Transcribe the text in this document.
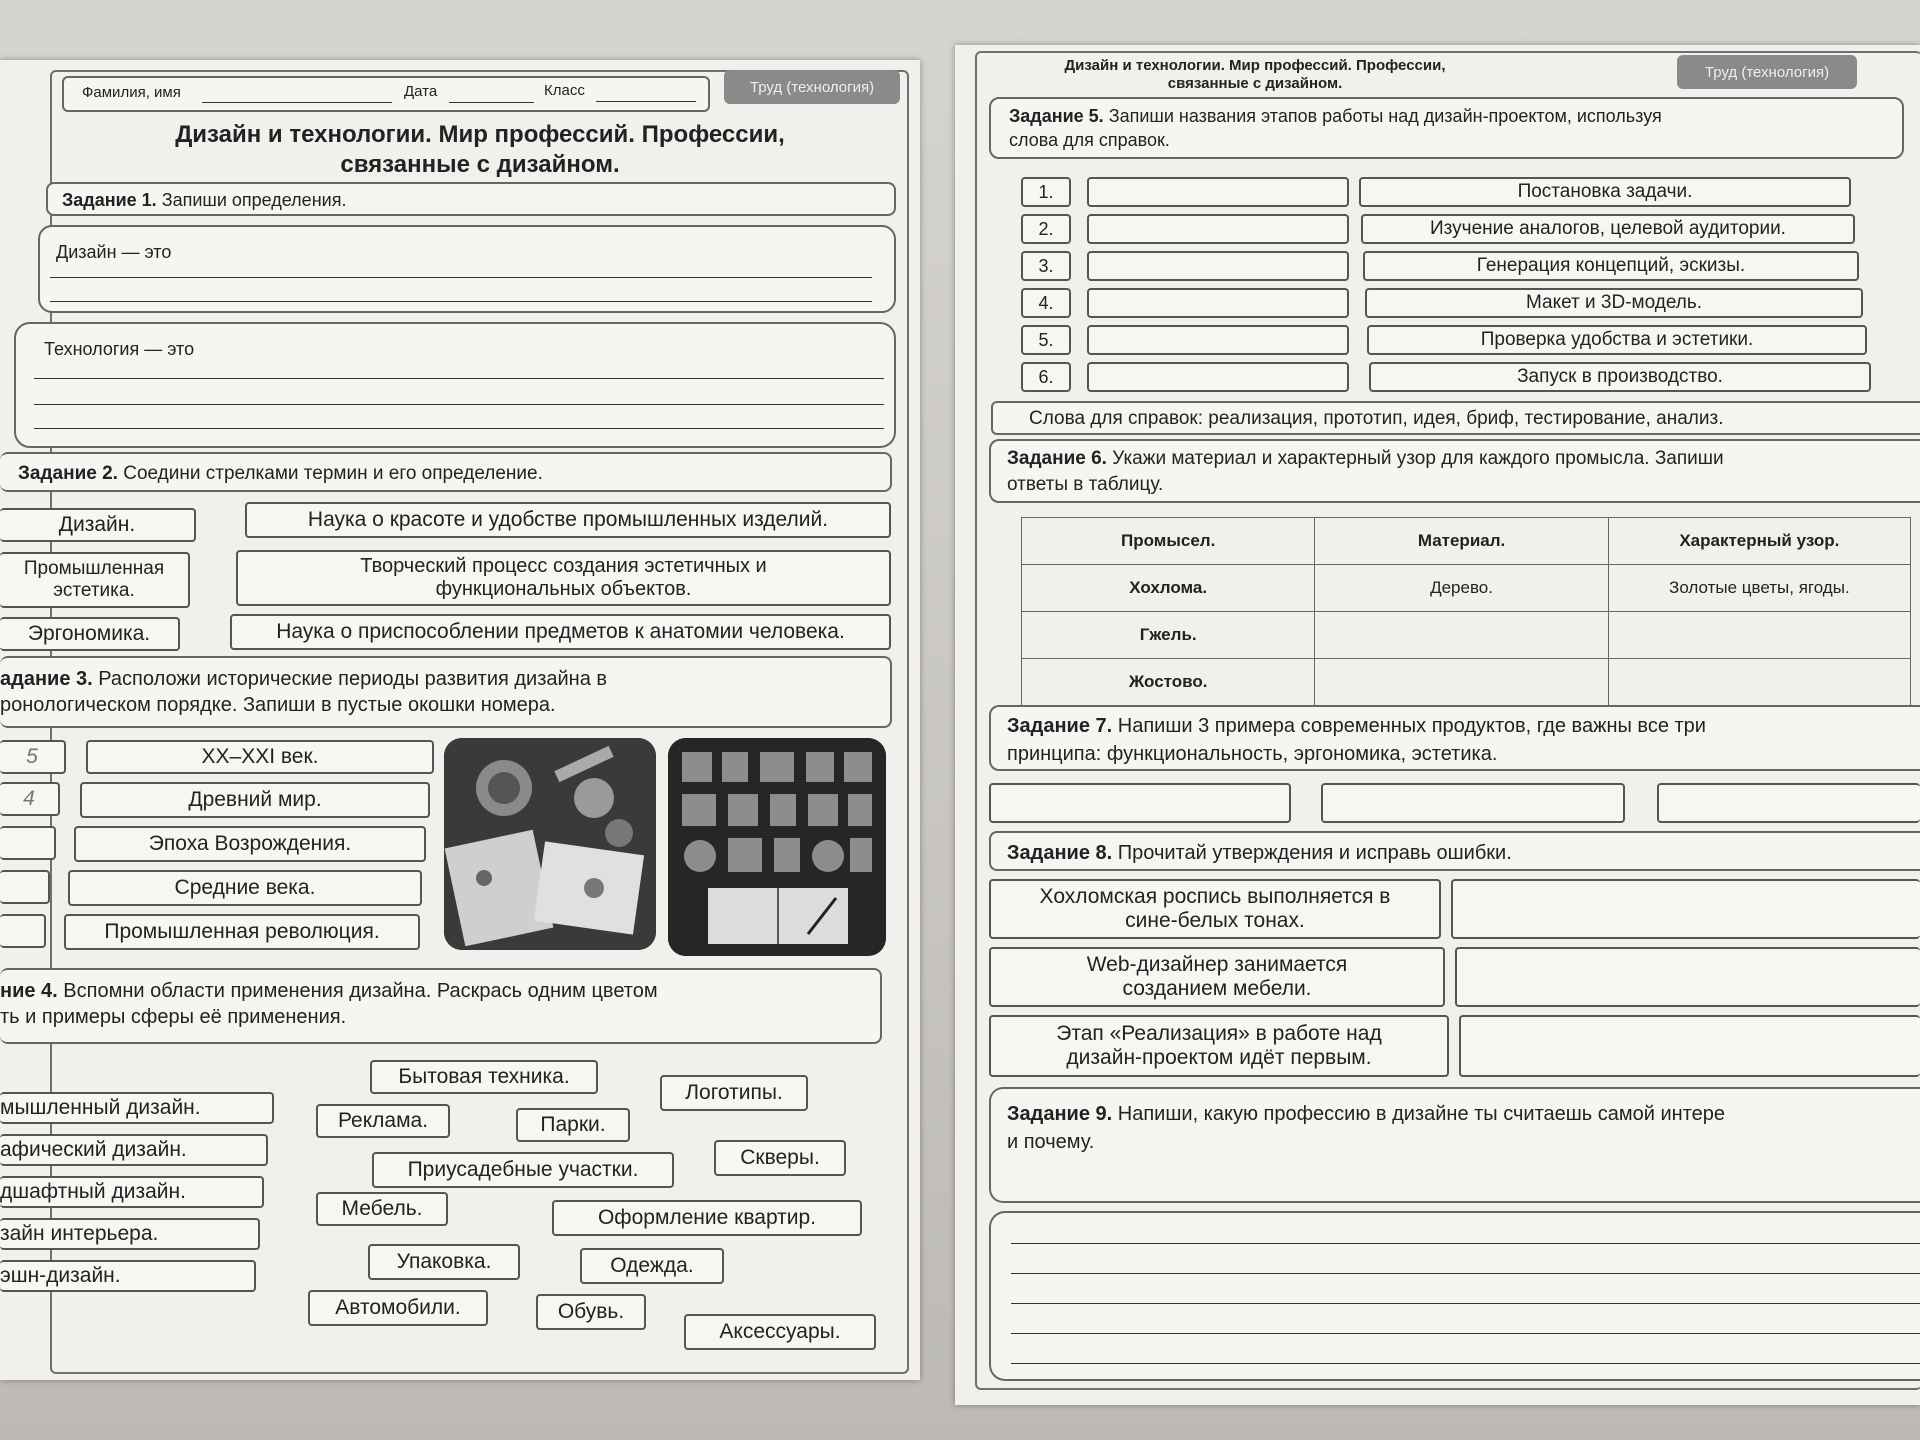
Фамилия, имя	Дата	Класс	Труд (технология)
Дизайн и технологии. Мир профессий. Профессии, связанные с дизайном.
Задание 1. Запиши определения.
Дизайн — это
Технология — это
Задание 2. Соедини стрелками термин и его определение.
Дизайн.
Промышленная эстетика.
Эргономика.
Наука о красоте и удобстве промышленных изделий.
Творческий процесс создания эстетичных и функциональных объектов.
Наука о приспособлении предметов к анатомии человека.
адание 3. Расположи исторические периоды развития дизайна в
ронологическом порядке. Запиши в пустые окошки номера.
5
4
XX–XXI век.
Древний мир.
Эпоха Возрождения.
Средние века.
Промышленная революция.
ние 4. Вспомни области применения дизайна. Раскрась одним цветом
ть и примеры сферы её применения.
мышленный дизайн.
афический дизайн.
дшафтный дизайн.
зайн интерьера.
эшн-дизайн.
Бытовая техника.
Логотипы.
Реклама.	Парки.
Скверы.
Приусадебные участки.
Мебель.	Оформление квартир.
Упаковка.	Одежда.
Автомобили.	Обувь.
Аксессуары.
Дизайн и технологии. Мир профессий. Профессии,
связанные с дизайном.
Труд (технология)
Задание 5. Запиши названия этапов работы над дизайн-проектом, используя
слова для справок.
1.	Постановка задачи.
2.	Изучение аналогов, целевой аудитории.
3.	Генерация концепций, эскизы.
4.	Макет и 3D-модель.
5.	Проверка удобства и эстетики.
6.	Запуск в производство.
Слова для справок: реализация, прототип, идея, бриф, тестирование, анализ.
Задание 6. Укажи материал и характерный узор для каждого промысла. Запиши
ответы в таблицу.
Промысел.	Материал.	Характерный узор.
Хохлома.	Дерево.	Золотые цветы, ягоды.
Гжель.		
Жостово.		
Задание 7. Напиши 3 примера современных продуктов, где важны все три
принципа: функциональность, эргономика, эстетика.
Задание 8. Прочитай утверждения и исправь ошибки.
Хохломская роспись выполняется в сине-белых тонах.
Web-дизайнер занимается созданием мебели.
Этап «Реализация» в работе над дизайн-проектом идёт первым.
Задание 9. Напиши, какую профессию в дизайне ты считаешь самой интере
и почему.
